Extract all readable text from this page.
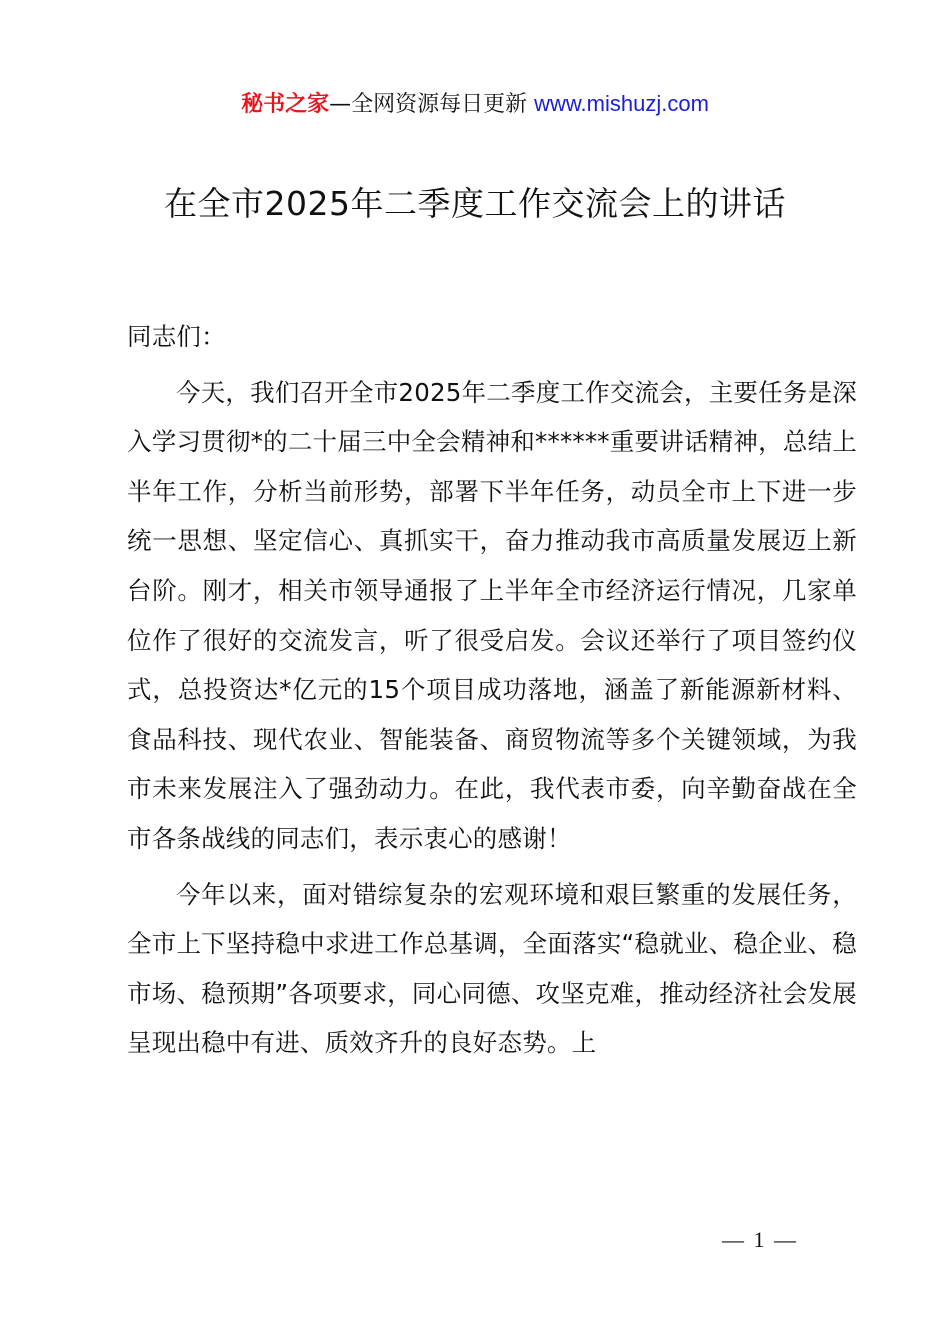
秘书之家—全网资源每日更新 www.mishuzj.com
在全市2025年二季度工作交流会上的讲话

同志们：

今天，我们召开全市2025年二季度工作交流会，主要任务是深入学习贯彻*的二十届三中全会精神和******重要讲话精神，总结上半年工作，分析当前形势，部署下半年任务，动员全市上下进一步统一思想、坚定信心、真抓实干，奋力推动我市高质量发展迈上新台阶。刚才，相关市领导通报了上半年全市经济运行情况，几家单位作了很好的交流发言，听了很受启发。会议还举行了项目签约仪式，总投资达*亿元的15个项目成功落地，涵盖了新能源新材料、食品科技、现代农业、智能装备、商贸物流等多个关键领域，为我市未来发展注入了强劲动力。在此，我代表市委，向辛勤奋战在全市各条战线的同志们，表示衷心的感谢！

今年以来，面对错综复杂的宏观环境和艰巨繁重的发展任务，全市上下坚持稳中求进工作总基调，全面落实“稳就业、稳企业、稳市场、稳预期”各项要求，同心同德、攻坚克难，推动经济社会发展呈现出稳中有进、质效齐升的良好态势。上

— 1 —
